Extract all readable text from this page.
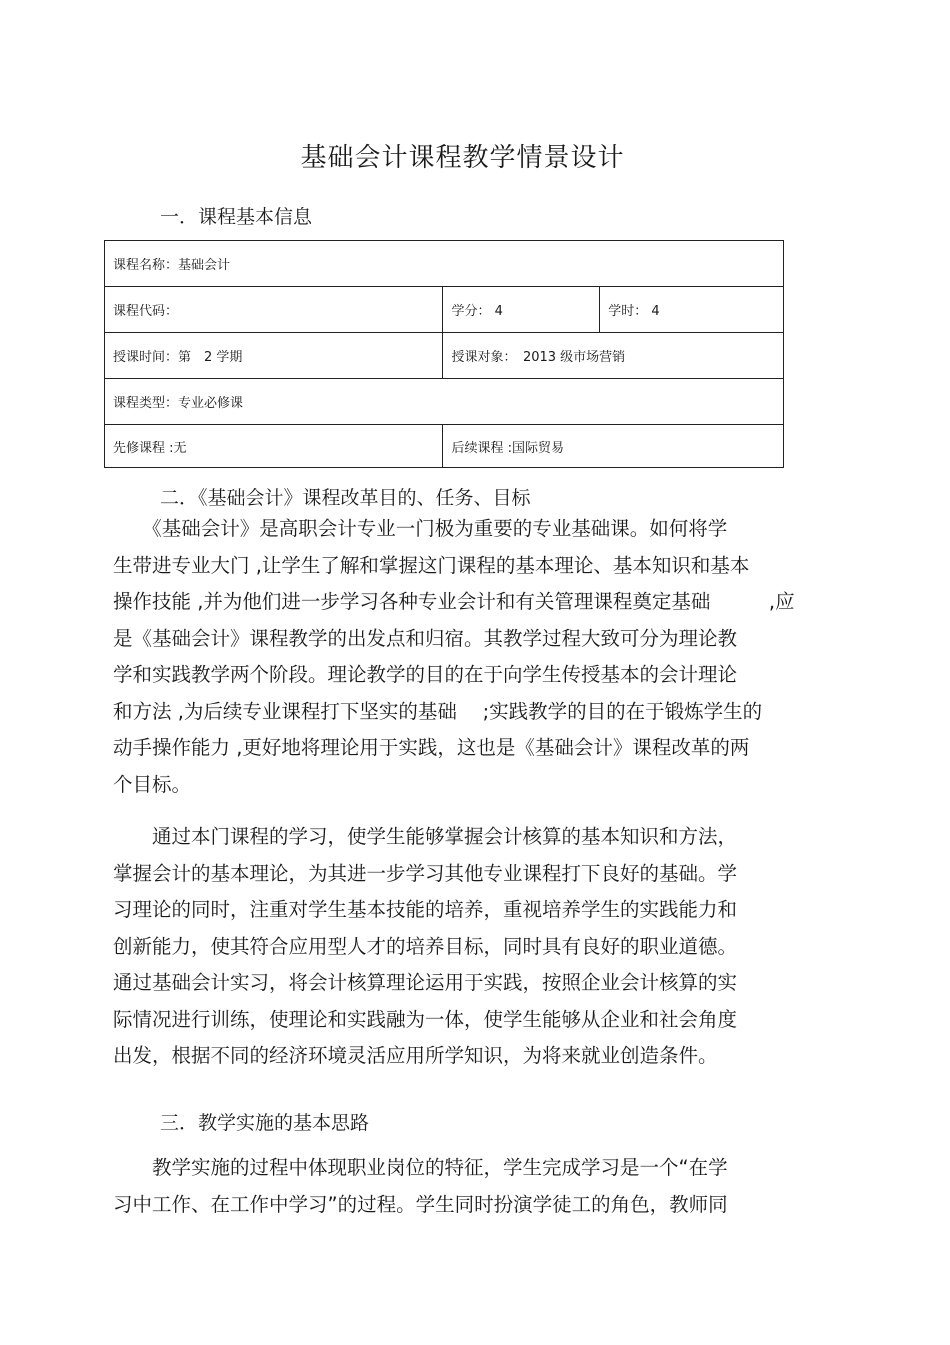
基础会计课程教学情景设计
一．课程基本信息
课程名称：基础会计		
课程代码：	学分： 4	学时： 4
授课时间：第　2 学期	授课对象：　2013 级市场营销	
课程类型：专业必修课		
先修课程 :无	后续课程 :国际贸易	
二．《基础会计》课程改革目的、任务、目标
　　《基础会计》是高职会计专业一门极为重要的专业基础课。如何将学
生带进专业大门 ,让学生了解和掌握这门课程的基本理论、基本知识和基本
操作技能 ,并为他们进一步学习各种专业会计和有关管理课程奠定基础　　　,应
是《基础会计》课程教学的出发点和归宿。其教学过程大致可分为理论教
学和实践教学两个阶段。理论教学的目的在于向学生传授基本的会计理论
和方法 ,为后续专业课程打下坚实的基础　 ;实践教学的目的在于锻炼学生的
动手操作能力 ,更好地将理论用于实践，这也是《基础会计》课程改革的两
个目标。
　　通过本门课程的学习，使学生能够掌握会计核算的基本知识和方法，
掌握会计的基本理论，为其进一步学习其他专业课程打下良好的基础。学
习理论的同时，注重对学生基本技能的培养，重视培养学生的实践能力和
创新能力，使其符合应用型人才的培养目标，同时具有良好的职业道德。
通过基础会计实习，将会计核算理论运用于实践，按照企业会计核算的实
际情况进行训练，使理论和实践融为一体，使学生能够从企业和社会角度
出发，根据不同的经济环境灵活应用所学知识，为将来就业创造条件。
三．教学实施的基本思路
　　教学实施的过程中体现职业岗位的特征，学生完成学习是一个“在学
习中工作、在工作中学习”的过程。学生同时扮演学徒工的角色，教师同
